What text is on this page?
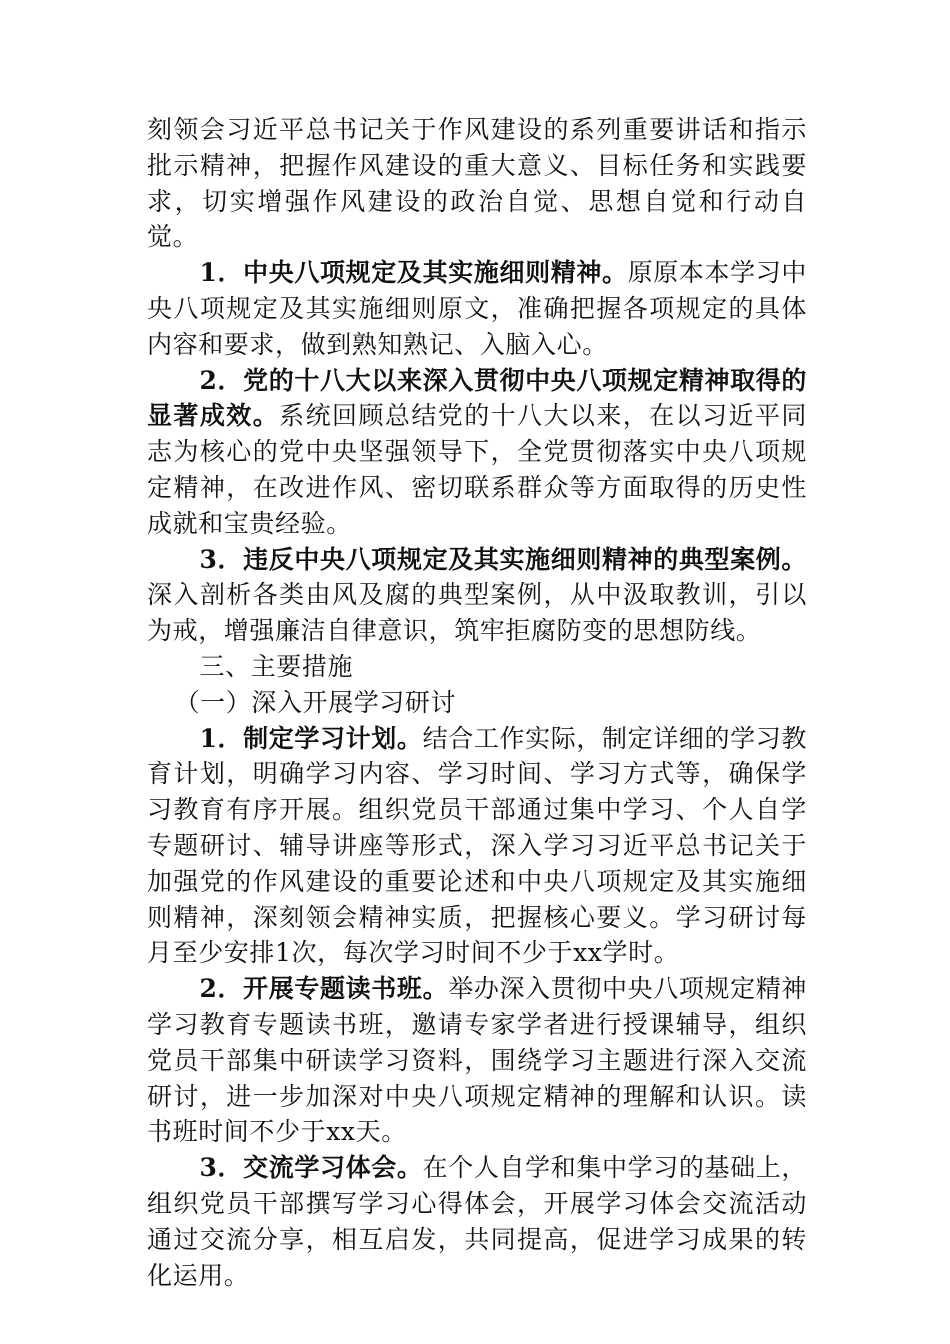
刻领会习近平总书记关于作风建设的系列重要讲话和指示批示精神，把握作风建设的重大意义、目标任务和实践要求，切实增强作风建设的政治自觉、思想自觉和行动自觉。

1．中央八项规定及其实施细则精神。原原本本学习中央八项规定及其实施细则原文，准确把握各项规定的具体内容和要求，做到熟知熟记、入脑入心。

2．党的十八大以来深入贯彻中央八项规定精神取得的显著成效。系统回顾总结党的十八大以来，在以习近平同志为核心的党中央坚强领导下，全党贯彻落实中央八项规定精神，在改进作风、密切联系群众等方面取得的历史性成就和宝贵经验。

3．违反中央八项规定及其实施细则精神的典型案例。深入剖析各类由风及腐的典型案例，从中汲取教训，引以为戒，增强廉洁自律意识，筑牢拒腐防变的思想防线。

三、主要措施

（一）深入开展学习研讨

1．制定学习计划。结合工作实际，制定详细的学习教育计划，明确学习内容、学习时间、学习方式等，确保学习教育有序开展。组织党员干部通过集中学习、个人自学专题研讨、辅导讲座等形式，深入学习习近平总书记关于加强党的作风建设的重要论述和中央八项规定及其实施细则精神，深刻领会精神实质，把握核心要义。学习研讨每月至少安排1次，每次学习时间不少于xx学时。

2．开展专题读书班。举办深入贯彻中央八项规定精神学习教育专题读书班，邀请专家学者进行授课辅导，组织党员干部集中研读学习资料，围绕学习主题进行深入交流研讨，进一步加深对中央八项规定精神的理解和认识。读书班时间不少于xx天。

3．交流学习体会。在个人自学和集中学习的基础上，组织党员干部撰写学习心得体会，开展学习体会交流活动通过交流分享，相互启发，共同提高，促进学习成果的转化运用。
